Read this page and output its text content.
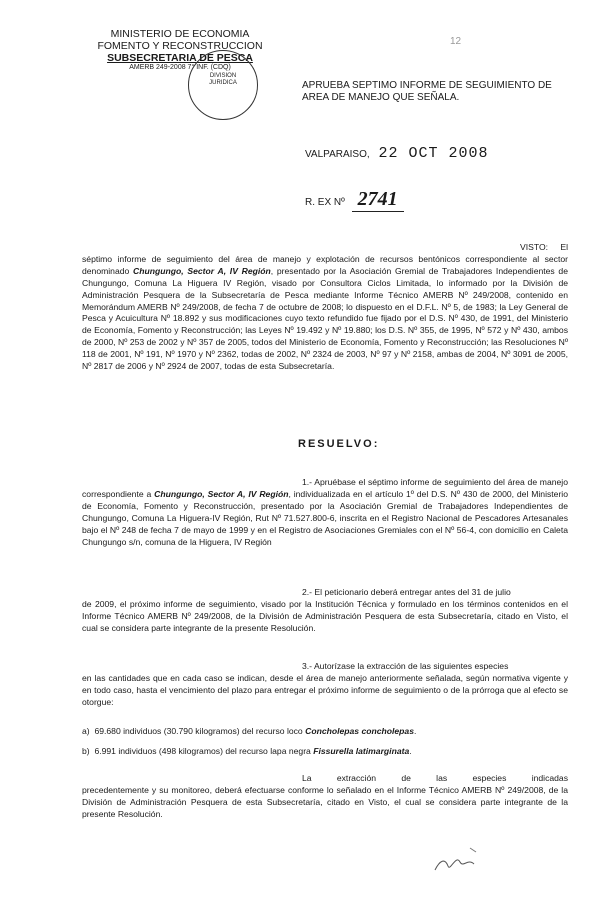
MINISTERIO DE ECONOMIA
FOMENTO Y RECONSTRUCCION
SUBSECRETARIA DE PESCA
AMERB 249-2008 7° INF. (CDQ)
DIVISION
JURIDICA
12
APRUEBA SEPTIMO INFORME DE SEGUIMIENTO DE AREA DE MANEJO QUE SEÑALA.
VALPARAISO, 22 OCT 2008
R. EX Nº 2741
VISTO: El séptimo informe de seguimiento del área de manejo y explotación de recursos bentónicos correspondiente al sector denominado Chungungo, Sector A, IV Región, presentado por la Asociación Gremial de Trabajadores Independientes de Chungungo, Comuna La Higuera IV Región, visado por Consultora Ciclos Limitada, lo informado por la División de Administración Pesquera de la Subsecretaría de Pesca mediante Informe Técnico AMERB Nº 249/2008, contenido en Memorándum AMERB Nº 249/2008, de fecha 7 de octubre de 2008; lo dispuesto en el D.F.L. Nº 5, de 1983; la Ley General de Pesca y Acuicultura Nº 18.892 y sus modificaciones cuyo texto refundido fue fijado por el D.S. Nº 430, de 1991, del Ministerio de Economía, Fomento y Reconstrucción; las Leyes Nº 19.492 y Nº 19.880; los D.S. Nº 355, de 1995, Nº 572 y Nº 430, ambos de 2000, Nº 253 de 2002 y Nº 357 de 2005, todos del Ministerio de Economía, Fomento y Reconstrucción; las Resoluciones Nº 118 de 2001, Nº 191, Nº 1970 y Nº 2362, todas de 2002, Nº 2324 de 2003, Nº 97 y Nº 2158, ambas de 2004, Nº 3091 de 2005, Nº 2817 de 2006 y Nº 2924 de 2007, todas de esta Subsecretaría.
RESUELVO:
1.- Apruébase el séptimo informe de seguimiento del área de manejo correspondiente a Chungungo, Sector A, IV Región, individualizada en el artículo 1º del D.S. Nº 430 de 2000, del Ministerio de Economía, Fomento y Reconstrucción, presentado por la Asociación Gremial de Trabajadores Independientes de Chungungo, Comuna La Higuera-IV Región, Rut Nº 71.527.800-6, inscrita en el Registro Nacional de Pescadores Artesanales bajo el Nº 248 de fecha 7 de mayo de 1999 y en el Registro de Asociaciones Gremiales con el Nº 56-4, con domicilio en Caleta Chungungo s/n, comuna de la Higuera, IV Región
2.- El peticionario deberá entregar antes del 31 de julio
de 2009, el próximo informe de seguimiento, visado por la Institución Técnica y formulado en los términos contenidos en el Informe Técnico AMERB Nº 249/2008, de la División de Administración Pesquera de esta Subsecretaría, citado en Visto, el cual se considera parte integrante de la presente Resolución.
3.- Autorízase la extracción de las siguientes especies
en las cantidades que en cada caso se indican, desde el área de manejo anteriormente señalada, según normativa vigente y en todo caso, hasta el vencimiento del plazo para entregar el próximo informe de seguimiento o de la prórroga que al efecto se otorgue:
a) 69.680 individuos (30.790 kilogramos) del recurso loco Concholepas concholepas.
b) 6.991 individuos (498 kilogramos) del recurso lapa negra Fissurella latimarginata.
La extracción de las especies indicadas
precedentemente y su monitoreo, deberá efectuarse conforme lo señalado en el Informe Técnico AMERB Nº 249/2008, de la División de Administración Pesquera de esta Subsecretaría, citado en Visto, el cual se considera parte integrante de la presente Resolución.
